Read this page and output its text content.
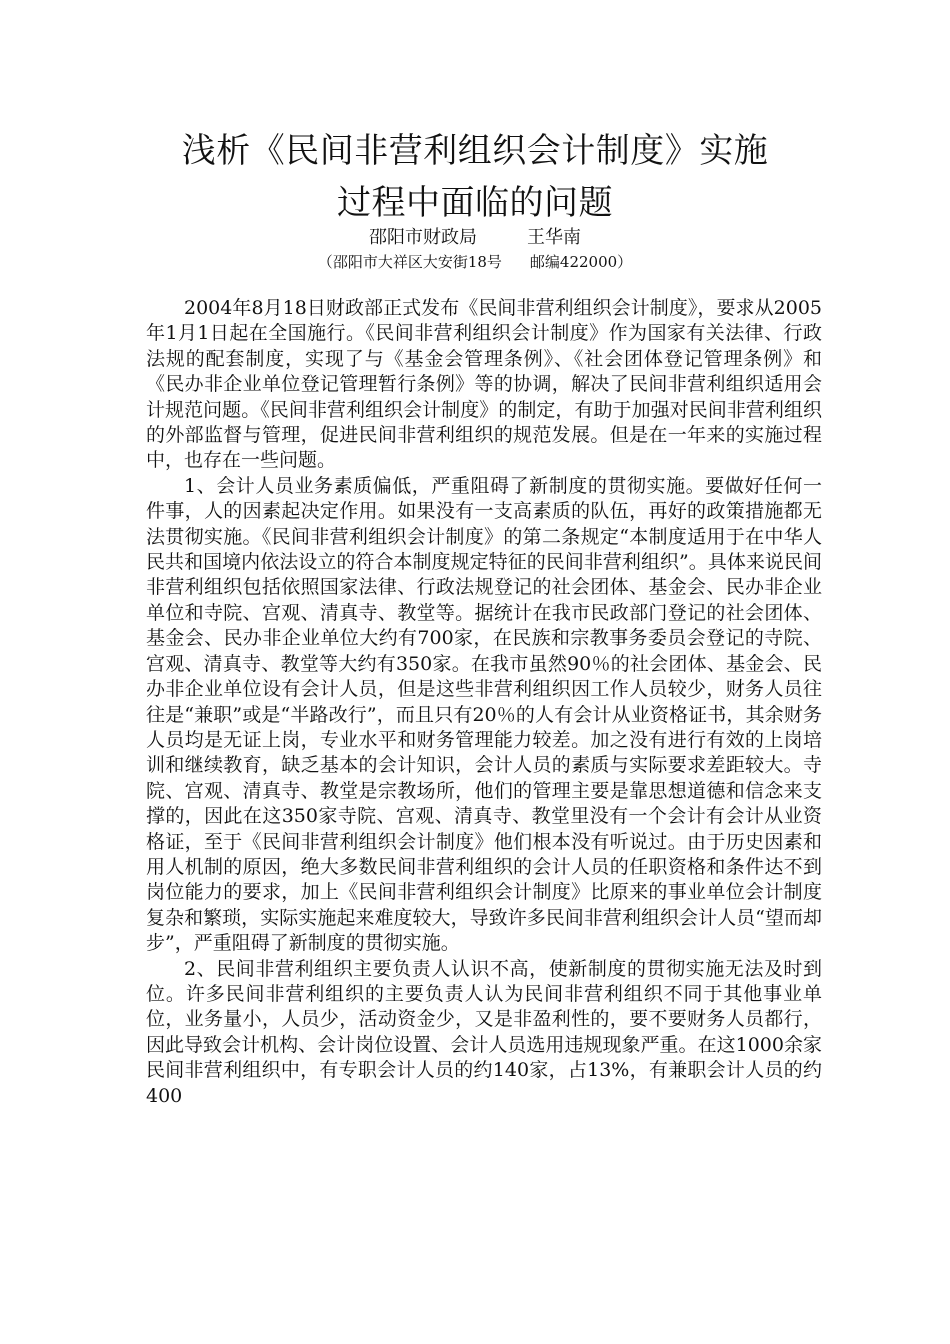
浅析《民间非营利组织会计制度》实施
过程中面临的问题
邵阳市财政局	王华南
（邵阳市大祥区大安街18号 邮编422000）

2004年8月18日财政部正式发布《民间非营利组织会计制度》，要求从2005年1月1日起在全国施行。《民间非营利组织会计制度》作为国家有关法律、行政法规的配套制度，实现了与《基金会管理条例》、《社会团体登记管理条例》和《民办非企业单位登记管理暂行条例》等的协调，解决了民间非营利组织适用会计规范问题。《民间非营利组织会计制度》的制定，有助于加强对民间非营利组织的外部监督与管理，促进民间非营利组织的规范发展。但是在一年来的实施过程中，也存在一些问题。

1、会计人员业务素质偏低，严重阻碍了新制度的贯彻实施。要做好任何一件事，人的因素起决定作用。如果没有一支高素质的队伍，再好的政策措施都无法贯彻实施。《民间非营利组织会计制度》的第二条规定“本制度适用于在中华人民共和国境内依法设立的符合本制度规定特征的民间非营利组织”。具体来说民间非营利组织包括依照国家法律、行政法规登记的社会团体、基金会、民办非企业单位和寺院、宫观、清真寺、教堂等。据统计在我市民政部门登记的社会团体、基金会、民办非企业单位大约有700家，在民族和宗教事务委员会登记的寺院、宫观、清真寺、教堂等大约有350家。在我市虽然90％的社会团体、基金会、民办非企业单位设有会计人员，但是这些非营利组织因工作人员较少，财务人员往往是“兼职”或是“半路改行”，而且只有20％的人有会计从业资格证书，其余财务人员均是无证上岗，专业水平和财务管理能力较差。加之没有进行有效的上岗培训和继续教育，缺乏基本的会计知识，会计人员的素质与实际要求差距较大。寺院、宫观、清真寺、教堂是宗教场所，他们的管理主要是靠思想道德和信念来支撑的，因此在这350家寺院、宫观、清真寺、教堂里没有一个会计有会计从业资格证，至于《民间非营利组织会计制度》他们根本没有听说过。由于历史因素和用人机制的原因，绝大多数民间非营利组织的会计人员的任职资格和条件达不到岗位能力的要求，加上《民间非营利组织会计制度》比原来的事业单位会计制度复杂和繁琐，实际实施起来难度较大，导致许多民间非营利组织会计人员“望而却步”，严重阻碍了新制度的贯彻实施。

2、民间非营利组织主要负责人认识不高，使新制度的贯彻实施无法及时到位。许多民间非营利组织的主要负责人认为民间非营利组织不同于其他事业单位，业务量小，人员少，活动资金少，又是非盈利性的，要不要财务人员都行，因此导致会计机构、会计岗位设置、会计人员选用违规现象严重。在这1000余家民间非营利组织中，有专职会计人员的约140家，占13%，有兼职会计人员的约400
